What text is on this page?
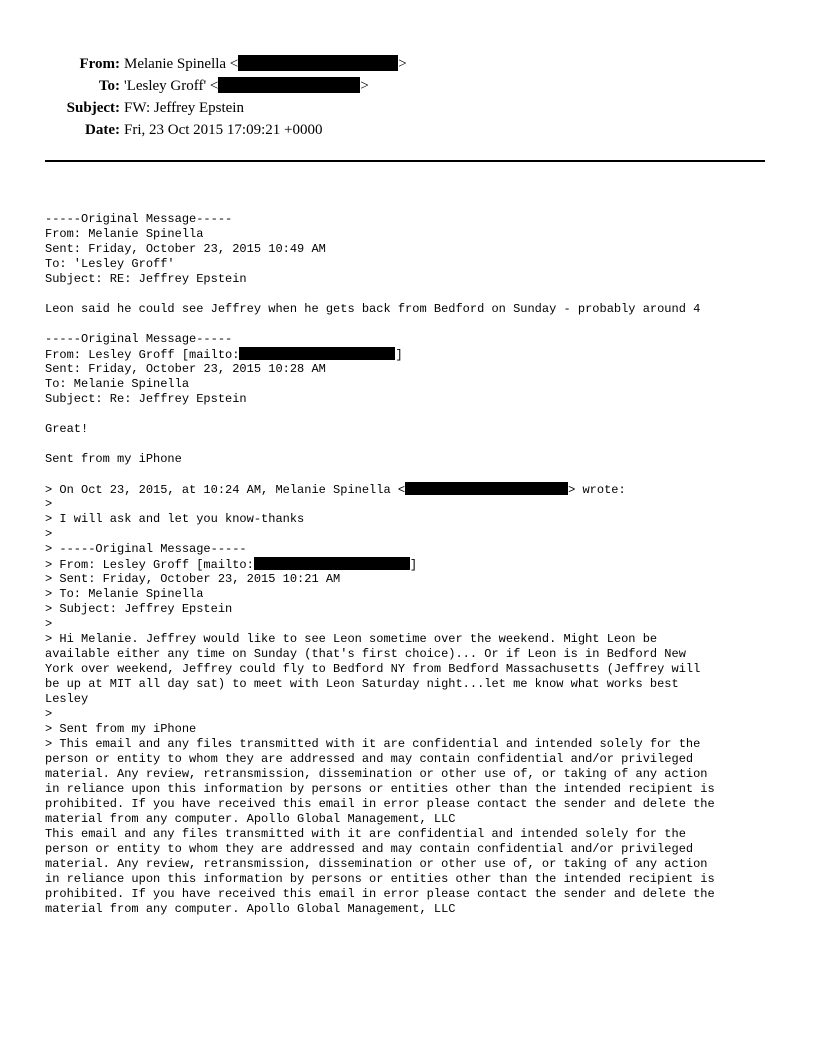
From: Melanie Spinella <	>
To: 'Lesley Groff' <	>
Subject: FW: Jeffrey Epstein
Date: Fri, 23 Oct 2015 17:09:21 +0000
-----Original Message-----
From: Melanie Spinella
Sent: Friday, October 23, 2015 10:49 AM
To: 'Lesley Groff'
Subject: RE: Jeffrey Epstein
Leon said he could see Jeffrey when he gets back from Bedford on Sunday - probably around 4
-----Original Message-----
From: Lesley Groff [mailto:	]
Sent: Friday, October 23, 2015 10:28 AM
To: Melanie Spinella
Subject: Re: Jeffrey Epstein
Great!
Sent from my iPhone
> On Oct 23, 2015, at 10:24 AM, Melanie Spinella <	> wrote:
>
> I will ask and let you know-thanks
>
> -----Original Message-----
> From: Lesley Groff [mailto:	]
> Sent: Friday, October 23, 2015 10:21 AM
> To: Melanie Spinella
> Subject: Jeffrey Epstein
>
> Hi Melanie. Jeffrey would like to see Leon sometime over the weekend. Might Leon be
available either any time on Sunday (that's first choice)... Or if Leon is in Bedford New
York over weekend, Jeffrey could fly to Bedford NY from Bedford Massachusetts (Jeffrey will
be up at MIT all day sat) to meet with Leon Saturday night...let me know what works best
Lesley
>
> Sent from my iPhone
> This email and any files transmitted with it are confidential and intended solely for the
person or entity to whom they are addressed and may contain confidential and/or privileged
material. Any review, retransmission, dissemination or other use of, or taking of any action
in reliance upon this information by persons or entities other than the intended recipient is
prohibited. If you have received this email in error please contact the sender and delete the
material from any computer. Apollo Global Management, LLC
This email and any files transmitted with it are confidential and intended solely for the
person or entity to whom they are addressed and may contain confidential and/or privileged
material. Any review, retransmission, dissemination or other use of, or taking of any action
in reliance upon this information by persons or entities other than the intended recipient is
prohibited. If you have received this email in error please contact the sender and delete the
material from any computer. Apollo Global Management, LLC
